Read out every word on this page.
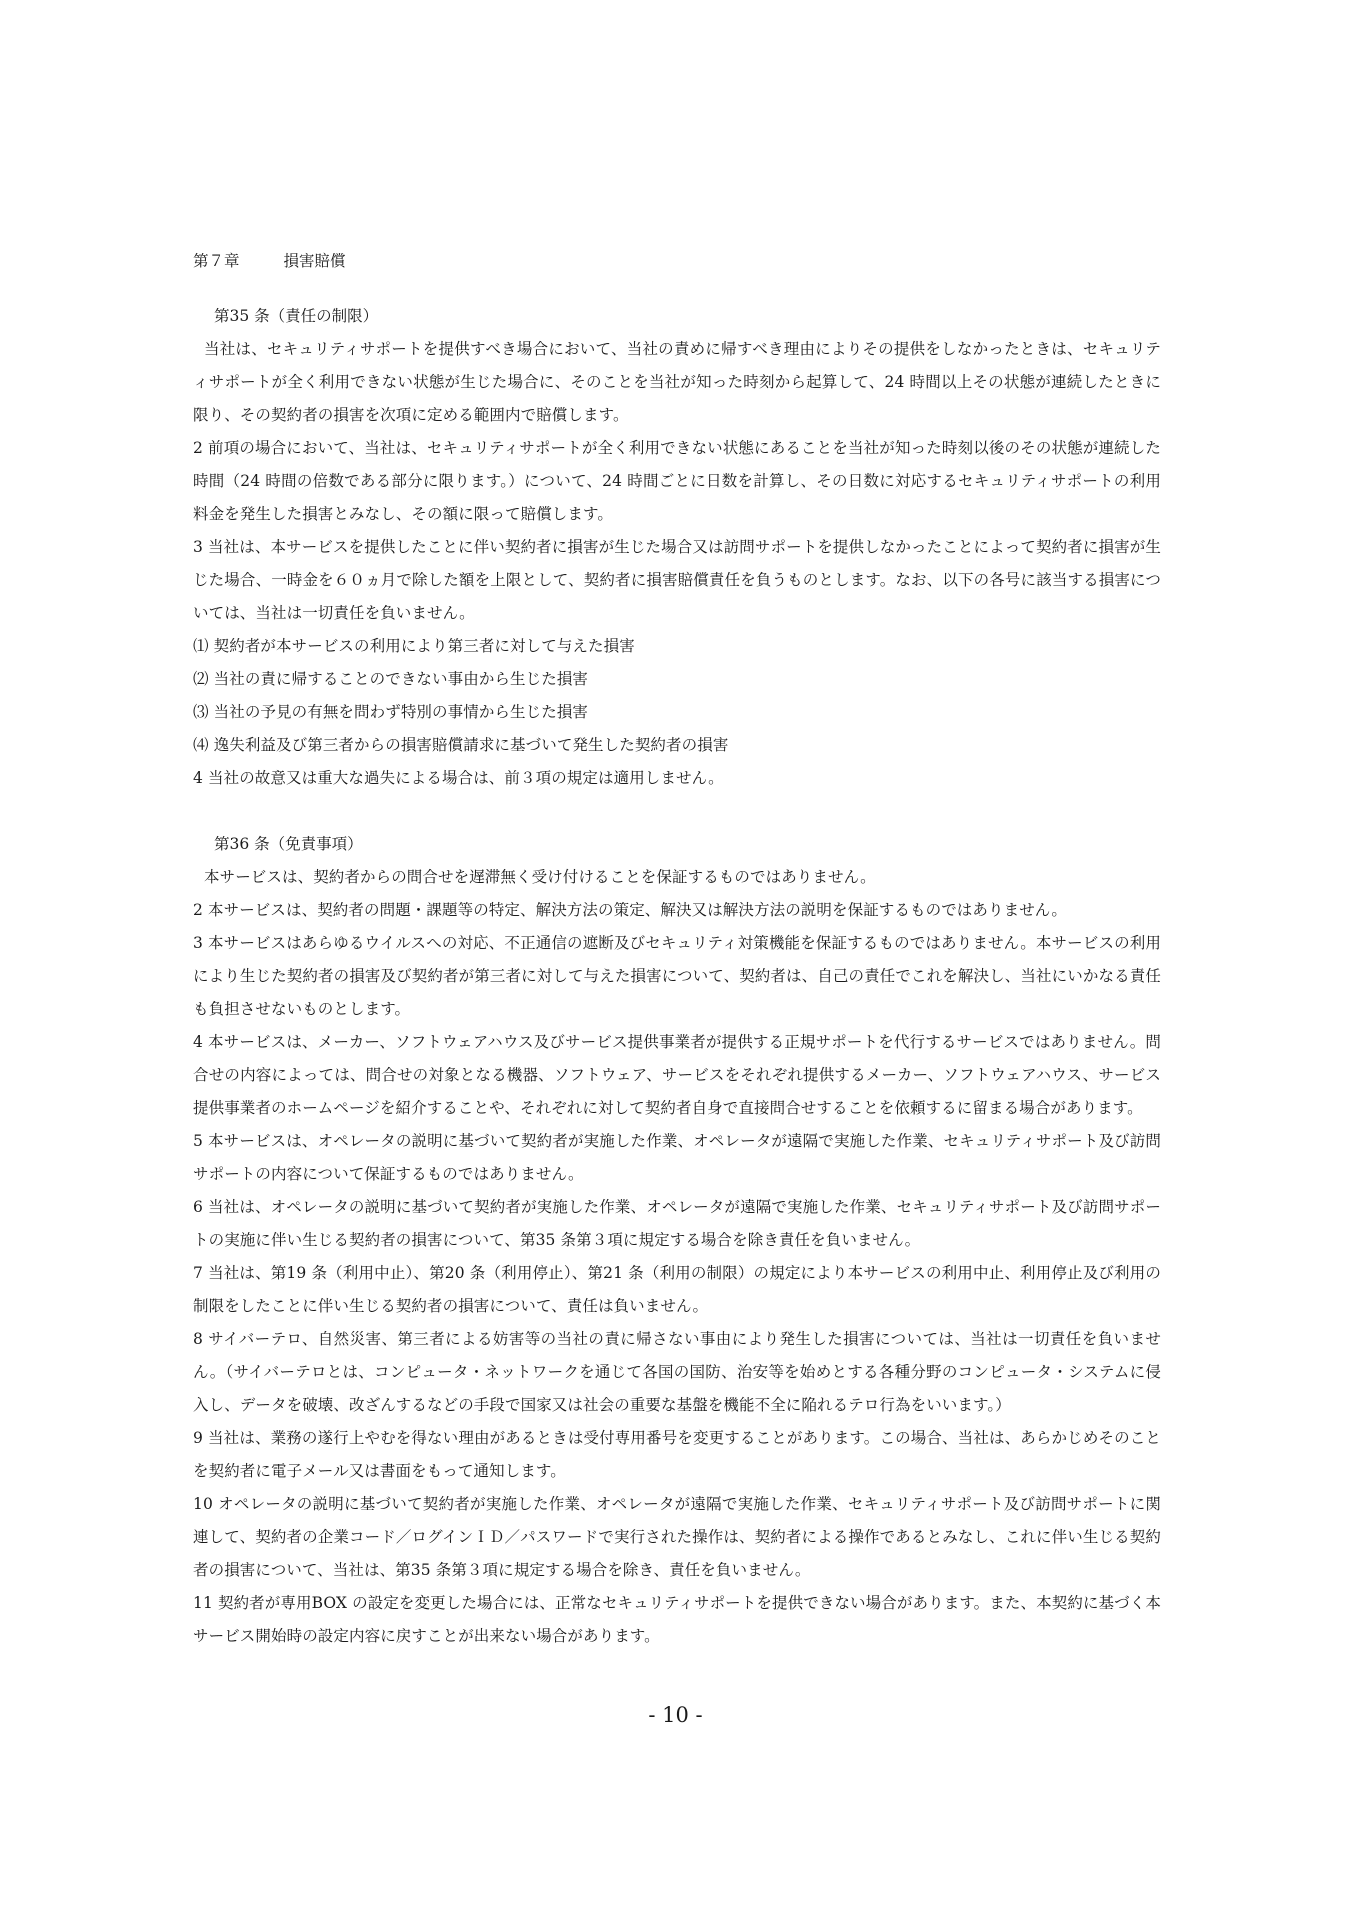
第７章	損害賠償
第35 条（責任の制限）

当社は、セキュリティサポートを提供すべき場合において、当社の責めに帰すべき理由によりその提供をしなかったときは、セキュリティサポートが全く利用できない状態が生じた場合に、そのことを当社が知った時刻から起算して、24 時間以上その状態が連続したときに限り、その契約者の損害を次項に定める範囲内で賠償します。

2 前項の場合において、当社は、セキュリティサポートが全く利用できない状態にあることを当社が知った時刻以後のその状態が連続した時間（24 時間の倍数である部分に限ります。）について、24 時間ごとに日数を計算し、その日数に対応するセキュリティサポートの利用料金を発生した損害とみなし、その額に限って賠償します。

3 当社は、本サービスを提供したことに伴い契約者に損害が生じた場合又は訪問サポートを提供しなかったことによって契約者に損害が生じた場合、一時金を６０ヵ月で除した額を上限として、契約者に損害賠償責任を負うものとします。なお、以下の各号に該当する損害については、当社は一切責任を負いません。

⑴ 契約者が本サービスの利用により第三者に対して与えた損害

⑵ 当社の責に帰することのできない事由から生じた損害

⑶ 当社の予見の有無を問わず特別の事情から生じた損害

⑷ 逸失利益及び第三者からの損害賠償請求に基づいて発生した契約者の損害

4 当社の故意又は重大な過失による場合は、前３項の規定は適用しません。

第36 条（免責事項）

本サービスは、契約者からの問合せを遅滞無く受け付けることを保証するものではありません。

2 本サービスは、契約者の問題・課題等の特定、解決方法の策定、解決又は解決方法の説明を保証するものではありません。

3 本サービスはあらゆるウイルスへの対応、不正通信の遮断及びセキュリティ対策機能を保証するものではありません。本サービスの利用により生じた契約者の損害及び契約者が第三者に対して与えた損害について、契約者は、自己の責任でこれを解決し、当社にいかなる責任も負担させないものとします。

4 本サービスは、メーカー、ソフトウェアハウス及びサービス提供事業者が提供する正規サポートを代行するサービスではありません。問合せの内容によっては、問合せの対象となる機器、ソフトウェア、サービスをそれぞれ提供するメーカー、ソフトウェアハウス、サービス提供事業者のホームページを紹介することや、それぞれに対して契約者自身で直接問合せすることを依頼するに留まる場合があります。

5 本サービスは、オペレータの説明に基づいて契約者が実施した作業、オペレータが遠隔で実施した作業、セキュリティサポート及び訪問サポートの内容について保証するものではありません。

6 当社は、オペレータの説明に基づいて契約者が実施した作業、オペレータが遠隔で実施した作業、セキュリティサポート及び訪問サポートの実施に伴い生じる契約者の損害について、第35 条第３項に規定する場合を除き責任を負いません。

7 当社は、第19 条（利用中止）、第20 条（利用停止）、第21 条（利用の制限）の規定により本サービスの利用中止、利用停止及び利用の制限をしたことに伴い生じる契約者の損害について、責任は負いません。

8 サイバーテロ、自然災害、第三者による妨害等の当社の責に帰さない事由により発生した損害については、当社は一切責任を負いません。（サイバーテロとは、コンピュータ・ネットワークを通じて各国の国防、治安等を始めとする各種分野のコンピュータ・システムに侵入し、データを破壊、改ざんするなどの手段で国家又は社会の重要な基盤を機能不全に陥れるテロ行為をいいます。）

9 当社は、業務の遂行上やむを得ない理由があるときは受付専用番号を変更することがあります。この場合、当社は、あらかじめそのことを契約者に電子メール又は書面をもって通知します。

10 オペレータの説明に基づいて契約者が実施した作業、オペレータが遠隔で実施した作業、セキュリティサポート及び訪問サポートに関連して、契約者の企業コード／ログインＩＤ／パスワードで実行された操作は、契約者による操作であるとみなし、これに伴い生じる契約者の損害について、当社は、第35 条第３項に規定する場合を除き、責任を負いません。

11 契約者が専用BOX の設定を変更した場合には、正常なセキュリティサポートを提供できない場合があります。また、本契約に基づく本サービス開始時の設定内容に戻すことが出来ない場合があります。

- 10 -
